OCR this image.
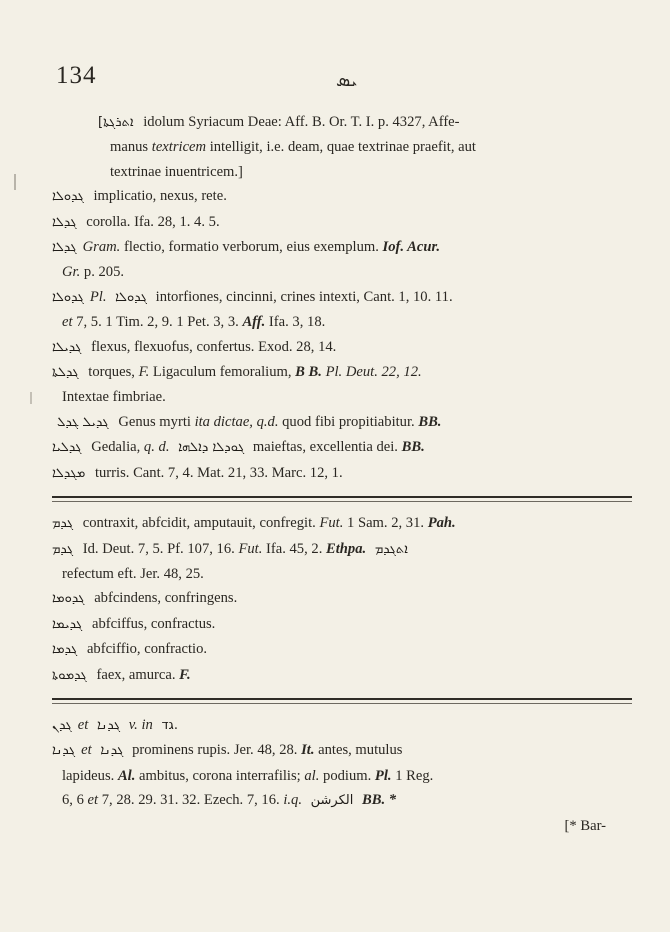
134	ܝܣ
[ܐܬܪܓܬܐ idolum Syriacum Deae: Aff. B. Or. T. I. p. 4327, Affe-
manus textricem intelligit, i.e. deam, quae textrinae praefit, aut
textrinae inuentricem.]
ܓܕܘܠܐ implicatio, nexus, rete.
ܓܕܠܐ corolla. Ifa. 28, 1. 4. 5.
ܓܕܠܐ Gram. flectio, formatio verborum, eius exemplum. Iof. Acur.
Gr. p. 205.
ܓܕܘܠܐ Pl. ܓܕܘܠܐ intorfiones, cincinni, crines intexti, Cant. 1, 10. 11.
et 7, 5. 1 Tim. 2, 9. 1 Pet. 3, 3. Aff. Ifa. 3, 18.
ܓܕܝܠܐ flexus, flexuofus, confertus. Exod. 28, 14.
ܓܕܠܬܐ torques, F. Ligaculum femoralium, B B. Pl. Deut. 22, 12.
Intextae fimbriae.
ܓܕܝܠܓܕܠ	Genus myrti ita dictae, q.d. quod fibi propitiabitur. BB.
ܓܕܠܝܐ Gedalia, q. d. ܓܘܕܠܐ ܕܐܠܗܐ maieftas, excellentia dei. BB.
ܡܓܕܠܐ turris. Cant. 7, 4. Mat. 21, 33. Marc. 12, 1.
ܓܕܡ contraxit, abfcidit, amputauit, confregit. Fut. 1 Sam. 2, 31. Pah.
ܓܕܡ Id. Deut. 7, 5. Pf. 107, 16. Fut. Ifa. 45, 2. Ethpa. ܐܬܓܕܡ
refectum eft. Jer. 48, 25.
ܓܕܘܡܐ abfcindens, confringens.
ܓܕܝܡܐ abfciffus, confractus.
ܓܕܡܐ abfciffio, confractio.
ܓܕܡܘܬܐ faex, amurca. F.
ܓܕܢ et ܓܕܢܐ v. in גד.
ܓܕܢܐ et ܓܕܢܐ prominens rupis. Jer. 48, 28. It. antes, mutulus
lapideus. Al. ambitus, corona interrafilis; al. podium. Pl. 1 Reg.
6, 6 et 7, 28. 29. 31. 32. Ezech. 7, 16. i.q. الكرشن BB. *
[* Bar-
